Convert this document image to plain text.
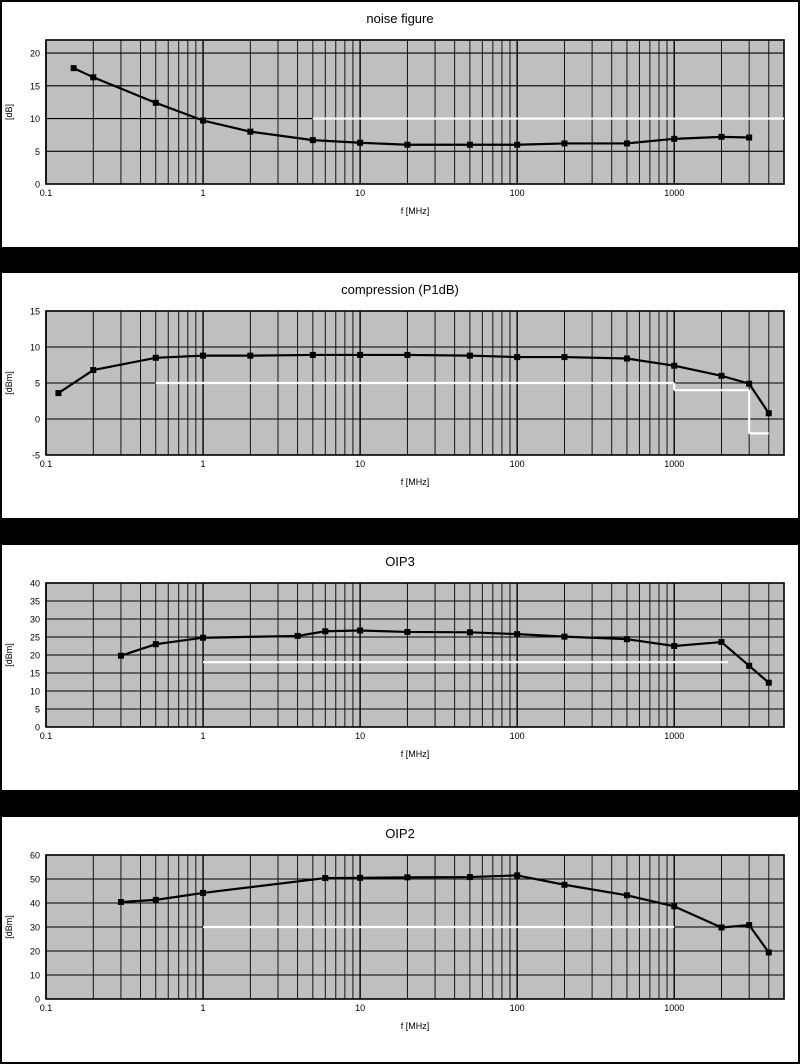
noise figure
0
5
10
15
20
0.1	1	10	100	1000
f [MHz]
[dB]
compression (P1dB)
-5
0
5
10
15
0.1	1	10	100	1000
f [MHz]
[dBm]
OIP3
0
5
10
15
20
25
30
35
40
0.1	1	10	100	1000
f [MHz]
[dBm]
OIP2
0
10
20
30
40
50
60
0.1	1	10	100	1000
f [MHz]
[dBm]
